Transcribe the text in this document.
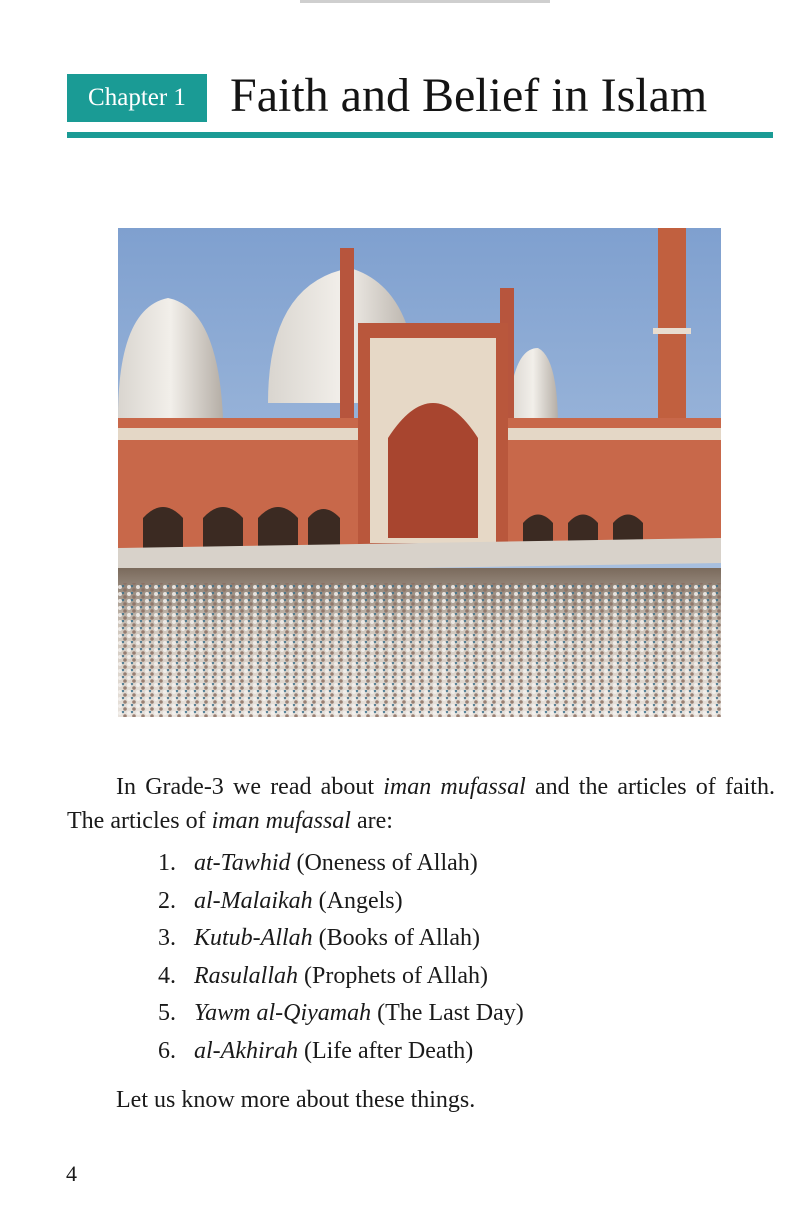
Chapter 1 Faith and Belief in Islam

In Grade-3 we read about iman mufassal and the articles of faith. The articles of iman mufassal are:

1. at-Tawhid (Oneness of Allah)
2. al-Malaikah (Angels)
3. Kutub-Allah (Books of Allah)
4. Rasulallah (Prophets of Allah)
5. Yawm al-Qiyamah (The Last Day)
6. al-Akhirah (Life after Death)

Let us know more about these things.

4
